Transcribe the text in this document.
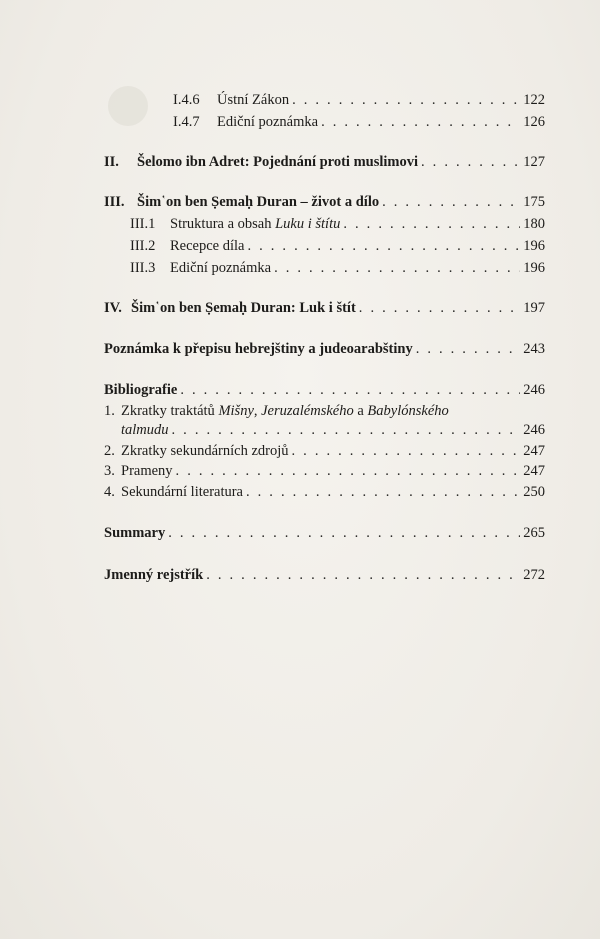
I.4.6	Ústní Zákon . . .	122
I.4.7	Ediční poznámka . . .	126
II.	Šelomo ibn Adret: Pojednání proti muslimovi . . .	127
III. Šim῾on ben Ṣemaḥ Duran – život a dílo . . .	175
III.1	Struktura a obsah Luku i štítu . . .	180
III.2	Recepce díla . . .	196
III.3	Ediční poznámka . . .	196
IV. Šim῾on ben Ṣemaḥ Duran: Luk i štít . . .	197
Poznámka k přepisu hebrejštiny a judeoarabštiny . . .	243
Bibliografie . . .	246
1. Zkratky traktátů Mišny, Jeruzalémského a Babylónského
talmudu . . .	246
2. Zkratky sekundárních zdrojů . . .	247
3. Prameny . . .	247
4. Sekundární literatura . . .	250
Summary . . .	265
Jmenný rejstřík . . .	272
